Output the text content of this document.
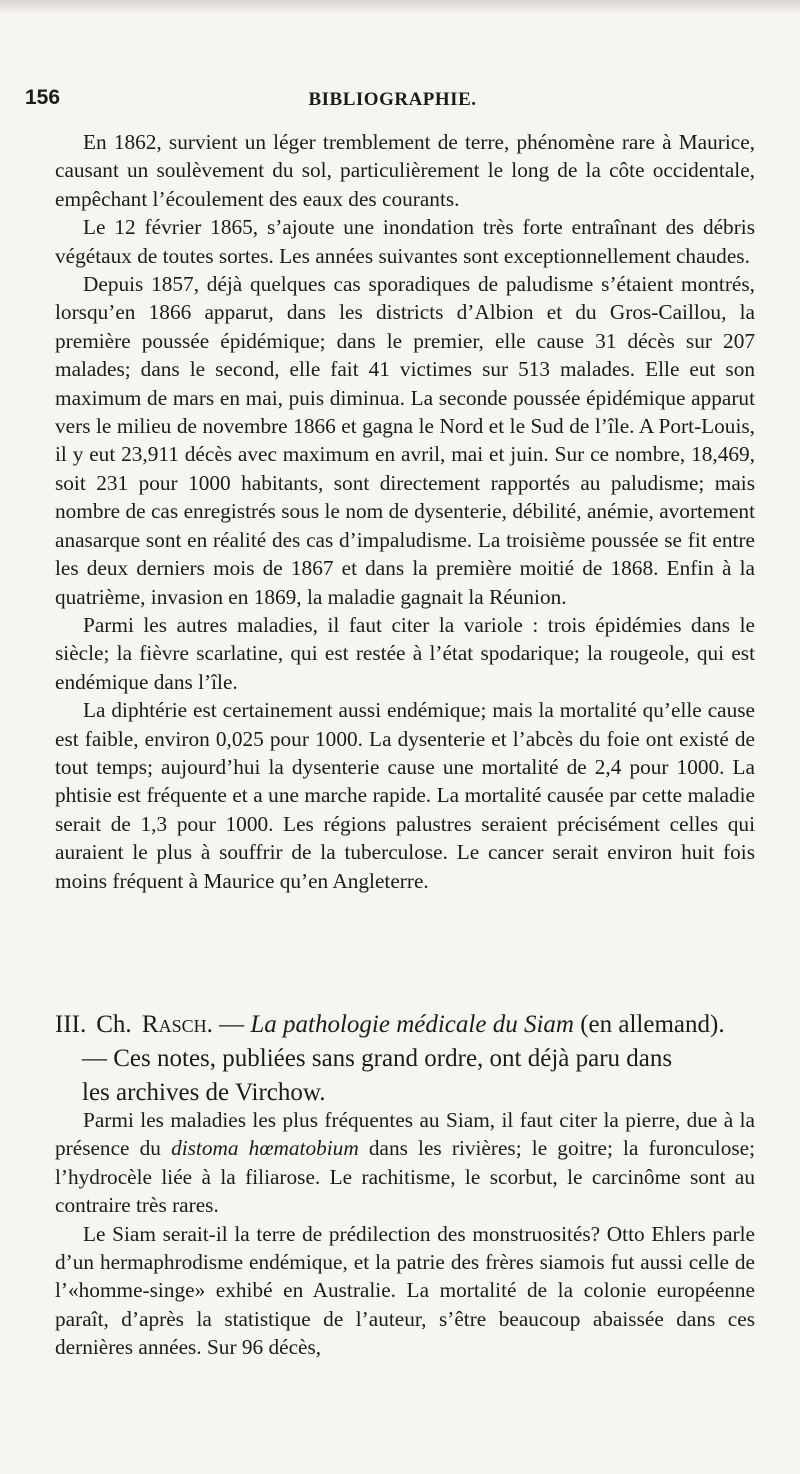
156	BIBLIOGRAPHIE.

En 1862, survient un léger tremblement de terre, phénomène rare à Maurice, causant un soulèvement du sol, particulièrement le long de la côte occidentale, empêchant l’écoulement des eaux des courants.

Le 12 février 1865, s’ajoute une inondation très forte entraînant des débris végétaux de toutes sortes. Les années suivantes sont exceptionnellement chaudes.

Depuis 1857, déjà quelques cas sporadiques de paludisme s’étaient montrés, lorsqu’en 1866 apparut, dans les districts d’Albion et du Gros-Caillou, la première poussée épidémique; dans le premier, elle cause 31 décès sur 207 malades; dans le second, elle fait 41 victimes sur 513 malades. Elle eut son maximum de mars en mai, puis diminua. La seconde poussée épidémique apparut vers le milieu de novembre 1866 et gagna le Nord et le Sud de l’île. A Port-Louis, il y eut 23,911 décès avec maximum en avril, mai et juin. Sur ce nombre, 18,469, soit 231 pour 1000 habitants, sont directement rapportés au paludisme; mais nombre de cas enregistrés sous le nom de dysenterie, débilité, anémie, avortement anasarque sont en réalité des cas d’impaludisme. La troisième poussée se fit entre les deux derniers mois de 1867 et dans la première moitié de 1868. Enfin à la quatrième, invasion en 1869, la maladie gagnait la Réunion.

Parmi les autres maladies, il faut citer la variole : trois épidémies dans le siècle; la fièvre scarlatine, qui est restée à l’état spodarique; la rougeole, qui est endémique dans l’île.

La diphtérie est certainement aussi endémique; mais la mortalité qu’elle cause est faible, environ 0,025 pour 1000. La dysenterie et l’abcès du foie ont existé de tout temps; aujourd’hui la dysenterie cause une mortalité de 2,4 pour 1000. La phtisie est fréquente et a une marche rapide. La mortalité causée par cette maladie serait de 1,3 pour 1000. Les régions palustres seraient précisément celles qui auraient le plus à souffrir de la tuberculose. Le cancer serait environ huit fois moins fréquent à Maurice qu’en Angleterre.

III. Ch. Rasch. — La pathologie médicale du Siam (en allemand).
— Ces notes, publiées sans grand ordre, ont déjà paru dans
les archives de Virchow.

Parmi les maladies les plus fréquentes au Siam, il faut citer la pierre, due à la présence du distoma hœmatobium dans les rivières; le goitre; la furonculose; l’hydrocèle liée à la filiarose. Le rachitisme, le scorbut, le carcinôme sont au contraire très rares.

Le Siam serait-il la terre de prédilection des monstruosités? Otto Ehlers parle d’un hermaphrodisme endémique, et la patrie des frères siamois fut aussi celle de l’«homme-singe» exhibé en Australie. La mortalité de la colonie européenne paraît, d’après la statistique de l’auteur, s’être beaucoup abaissée dans ces dernières années. Sur 96 décès,
